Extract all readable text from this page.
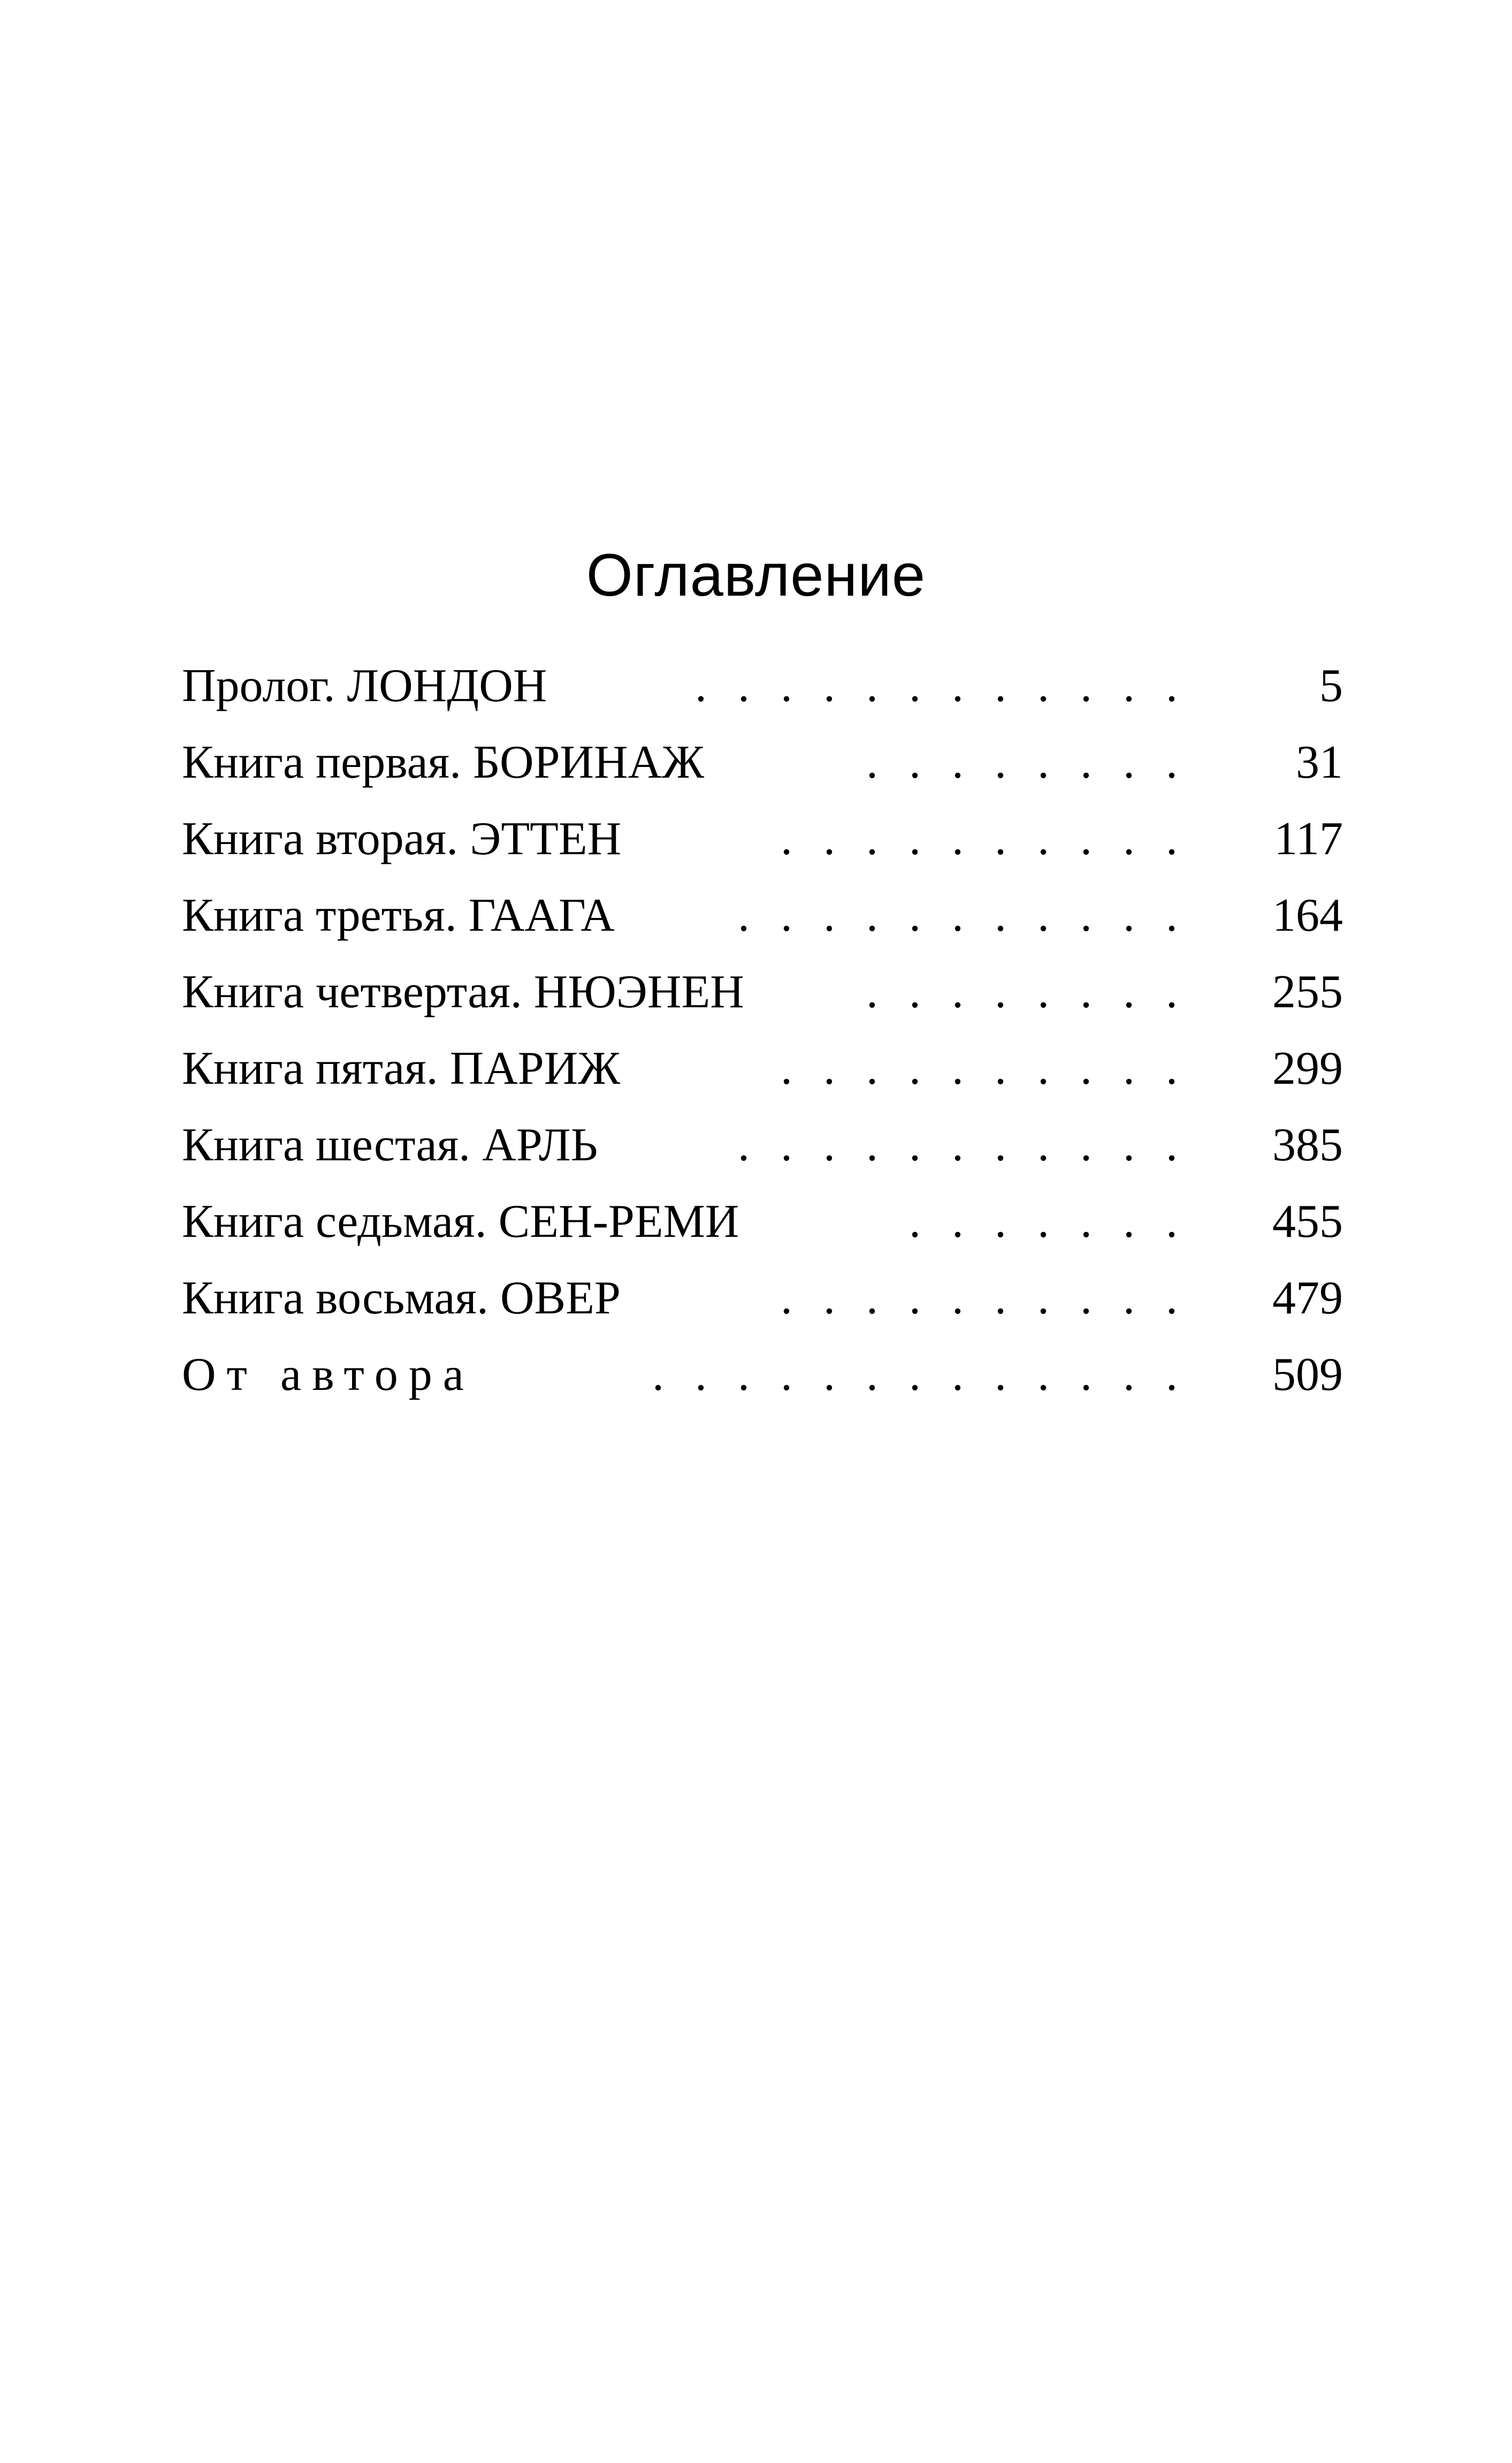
Оглавление
Пролог. ЛОНДОН	. . . . . . . . . . . .	5
Книга первая. БОРИНАЖ	. . . . . . . .	31
Книга вторая. ЭТТЕН	. . . . . . . . . .	117
Книга третья. ГААГА	. . . . . . . . . . .	164
Книга четвертая. НЮЭНЕН	. . . . . . . .	255
Книга пятая. ПАРИЖ	. . . . . . . . . .	299
Книга шестая. АРЛЬ	. . . . . . . . . . .	385
Книга седьмая. СЕН-РЕМИ	. . . . . . .	455
Книга восьмая. ОВЕР	. . . . . . . . . .	479
От автора	. . . . . . . . . . . . .	509
